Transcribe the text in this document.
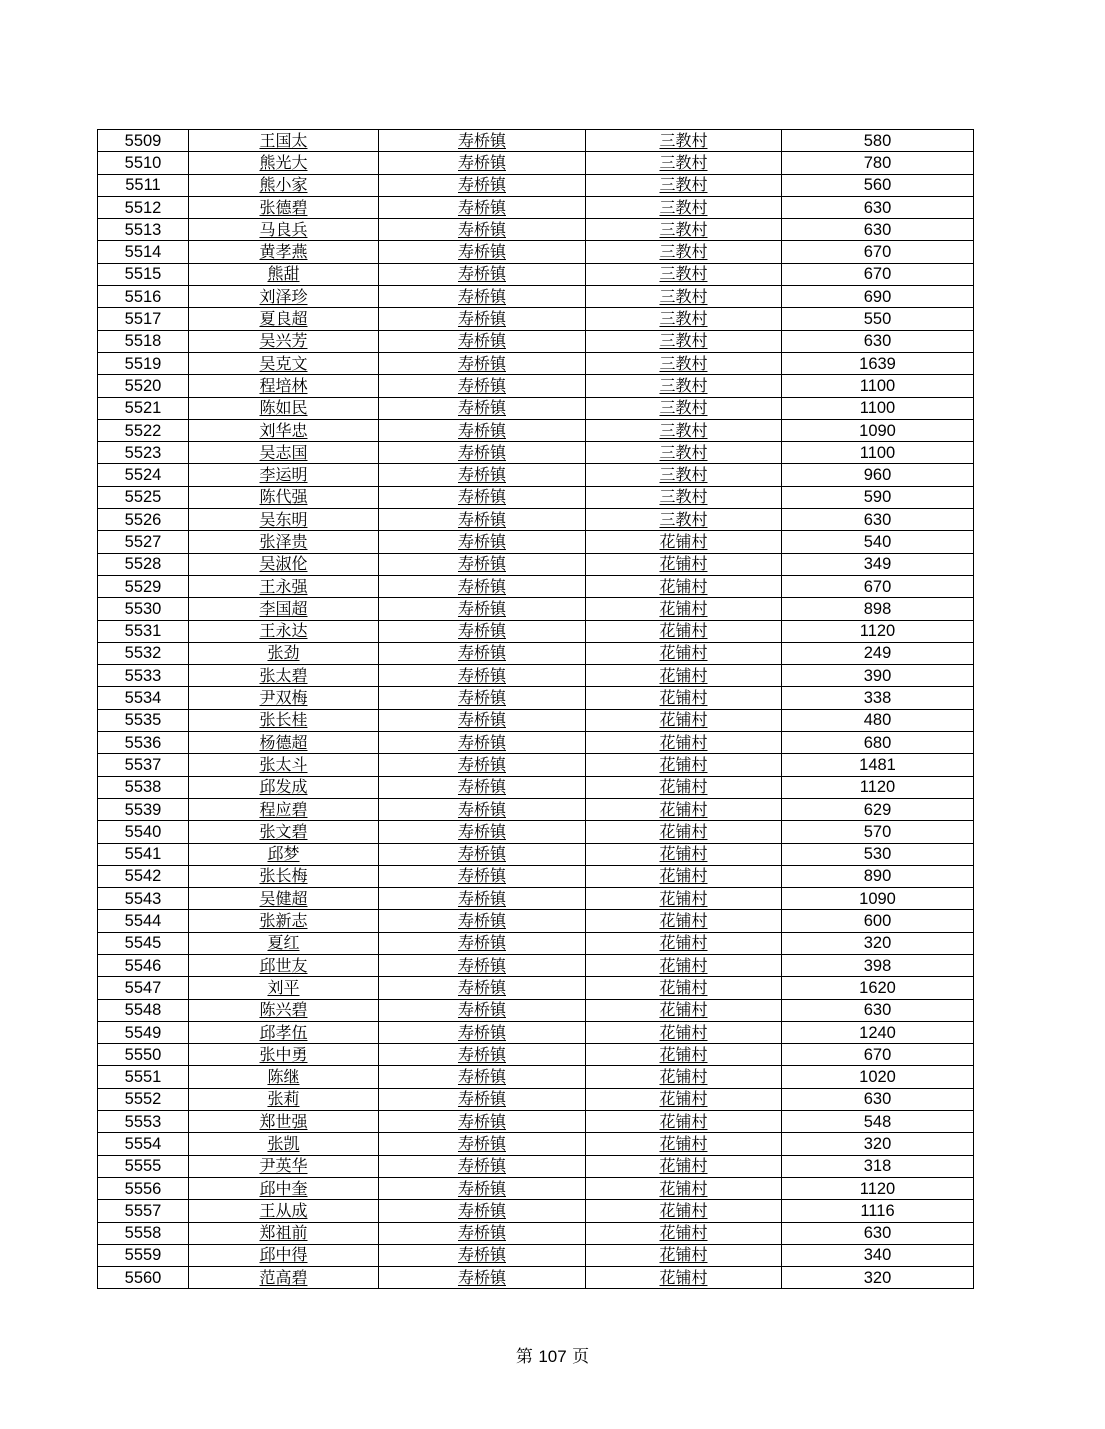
5509	王国太	寿桥镇	三教村	580
5510	熊光大	寿桥镇	三教村	780
5511	熊小家	寿桥镇	三教村	560
5512	张德碧	寿桥镇	三教村	630
5513	马良兵	寿桥镇	三教村	630
5514	黄孝燕	寿桥镇	三教村	670
5515	熊甜	寿桥镇	三教村	670
5516	刘泽珍	寿桥镇	三教村	690
5517	夏良超	寿桥镇	三教村	550
5518	吴兴芳	寿桥镇	三教村	630
5519	吴克文	寿桥镇	三教村	1639
5520	程培林	寿桥镇	三教村	1100
5521	陈如民	寿桥镇	三教村	1100
5522	刘华忠	寿桥镇	三教村	1090
5523	吴志国	寿桥镇	三教村	1100
5524	李运明	寿桥镇	三教村	960
5525	陈代强	寿桥镇	三教村	590
5526	吴东明	寿桥镇	三教村	630
5527	张泽贵	寿桥镇	花铺村	540
5528	吴淑伦	寿桥镇	花铺村	349
5529	王永强	寿桥镇	花铺村	670
5530	李国超	寿桥镇	花铺村	898
5531	王永达	寿桥镇	花铺村	1120
5532	张劲	寿桥镇	花铺村	249
5533	张太碧	寿桥镇	花铺村	390
5534	尹双梅	寿桥镇	花铺村	338
5535	张长桂	寿桥镇	花铺村	480
5536	杨德超	寿桥镇	花铺村	680
5537	张太斗	寿桥镇	花铺村	1481
5538	邱发成	寿桥镇	花铺村	1120
5539	程应碧	寿桥镇	花铺村	629
5540	张文碧	寿桥镇	花铺村	570
5541	邱梦	寿桥镇	花铺村	530
5542	张长梅	寿桥镇	花铺村	890
5543	吴健超	寿桥镇	花铺村	1090
5544	张新志	寿桥镇	花铺村	600
5545	夏红	寿桥镇	花铺村	320
5546	邱世友	寿桥镇	花铺村	398
5547	刘平	寿桥镇	花铺村	1620
5548	陈兴碧	寿桥镇	花铺村	630
5549	邱孝伍	寿桥镇	花铺村	1240
5550	张中勇	寿桥镇	花铺村	670
5551	陈继	寿桥镇	花铺村	1020
5552	张莉	寿桥镇	花铺村	630
5553	郑世强	寿桥镇	花铺村	548
5554	张凯	寿桥镇	花铺村	320
5555	尹英华	寿桥镇	花铺村	318
5556	邱中奎	寿桥镇	花铺村	1120
5557	王从成	寿桥镇	花铺村	1116
5558	郑祖前	寿桥镇	花铺村	630
5559	邱中得	寿桥镇	花铺村	340
5560	范高碧	寿桥镇	花铺村	320
第 107 页
